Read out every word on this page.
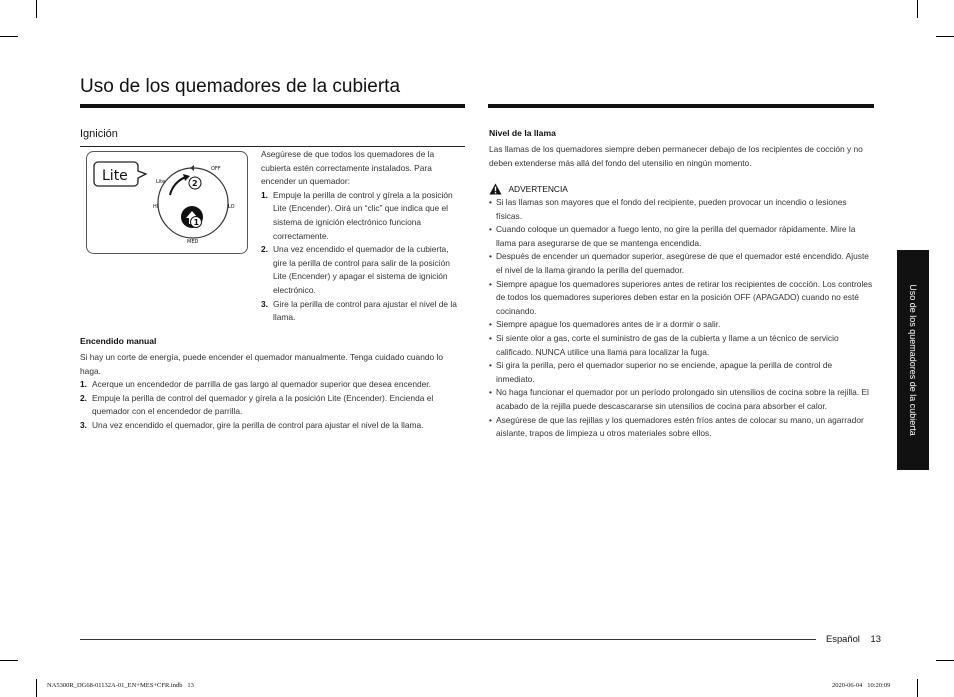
Uso de los quemadores de la cubierta
Ignición
Lite	OFF
Lite
HI	LO
MED
2
1
Asegúrese de que todos los quemadores de la cubierta estén correctamente instalados. Para encender un quemador:
1. Empuje la perilla de control y gírela a la posición Lite (Encender). Oirá un “clic” que indica que el sistema de ignición electrónico funciona correctamente.
2. Una vez encendido el quemador de la cubierta, gire la perilla de control para salir de la posición Lite (Encender) y apagar el sistema de ignición electrónico.
3. Gire la perilla de control para ajustar el nivel de la llama.
Encendido manual
Si hay un corte de energía, puede encender el quemador manualmente. Tenga cuidado cuando lo haga.
1. Acerque un encendedor de parrilla de gas largo al quemador superior que desea encender.
2. Empuje la perilla de control del quemador y gírela a la posición Lite (Encender). Encienda el quemador con el encendedor de parrilla.
3. Una vez encendido el quemador, gire la perilla de control para ajustar el nivel de la llama.
Nivel de la llama
Las llamas de los quemadores siempre deben permanecer debajo de los recipientes de cocción y no deben extenderse más allá del fondo del utensilio en ningún momento.
ADVERTENCIA
• Si las llamas son mayores que el fondo del recipiente, pueden provocar un incendio o lesiones físicas.
• Cuando coloque un quemador a fuego lento, no gire la perilla del quemador rápidamente. Mire la llama para asegurarse de que se mantenga encendida.
• Después de encender un quemador superior, asegúrese de que el quemador esté encendido. Ajuste el nivel de la llama girando la perilla del quemador.
• Siempre apague los quemadores superiores antes de retirar los recipientes de cocción. Los controles de todos los quemadores superiores deben estar en la posición OFF (APAGADO) cuando no esté cocinando.
• Siempre apague los quemadores antes de ir a dormir o salir.
• Si siente olor a gas, corte el suministro de gas de la cubierta y llame a un técnico de servicio calificado. NUNCA utilice una llama para localizar la fuga.
• Si gira la perilla, pero el quemador superior no se enciende, apague la perilla de control de inmediato.
• No haga funcionar el quemador por un período prolongado sin utensilios de cocina sobre la rejilla. El acabado de la rejilla puede descascararse sin utensilios de cocina para absorber el calor.
• Asegúrese de que las rejillas y los quemadores estén fríos antes de colocar su mano, un agarrador aislante, trapos de limpieza u otros materiales sobre ellos.	Uso de los quemadores de la cubierta
Español 13
NA5300R_DG68-01132A-01_EN+MES+CFR.indb   13	2020-06-04   10:20:09
